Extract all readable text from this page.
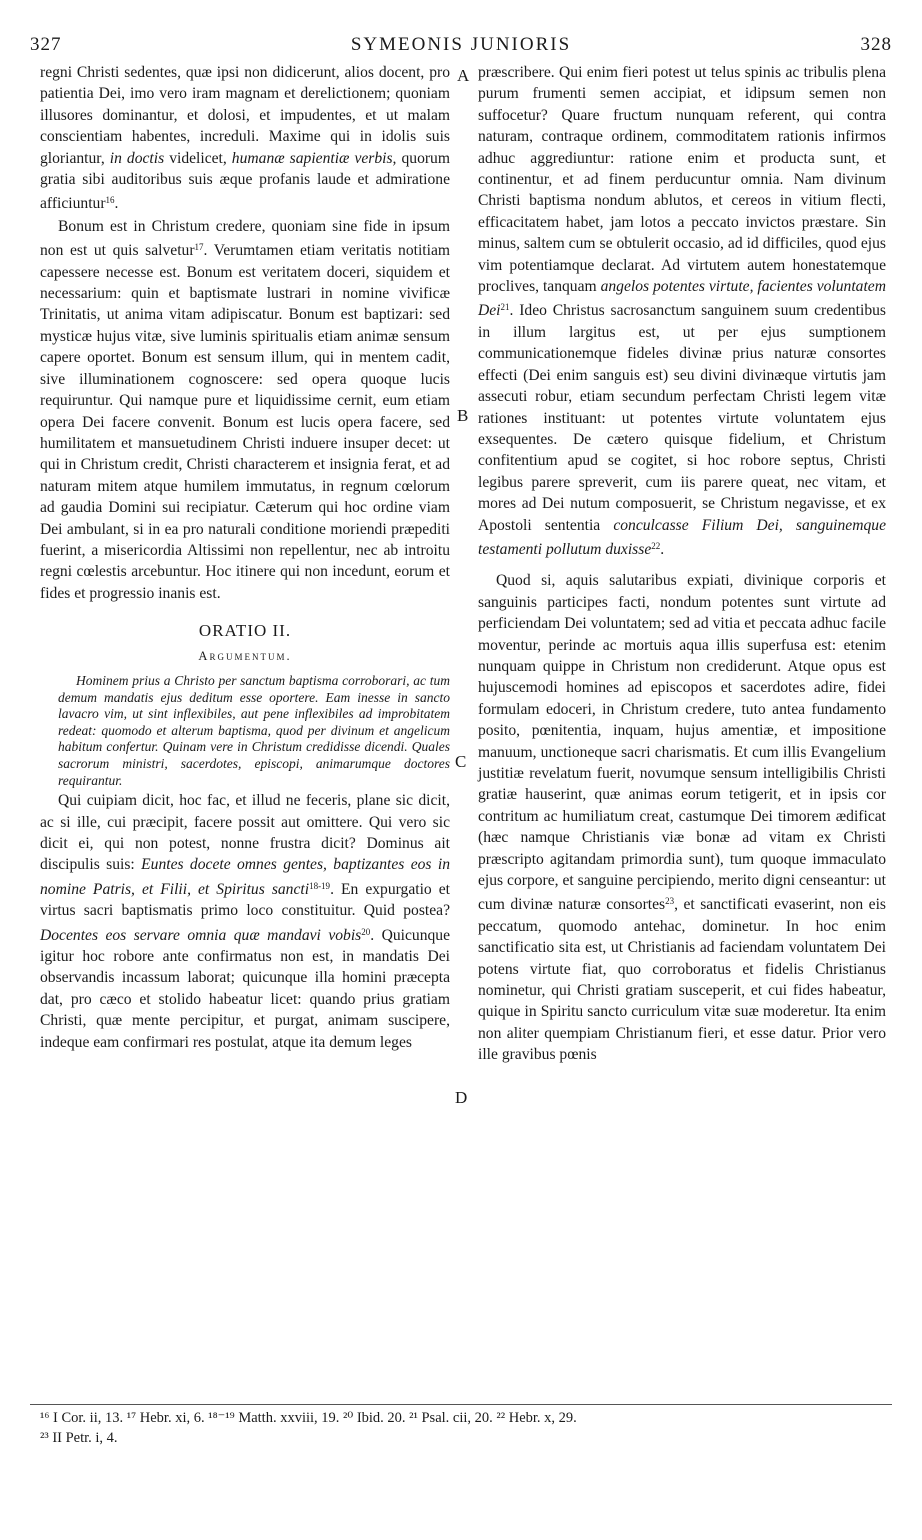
327	SYMEONIS JUNIORIS	328
A
B
C
D

regni Christi sedentes, quæ ipsi non didicerunt, alios docent, pro patientia Dei, imo vero iram magnam et derelictionem; quoniam illusores dominantur, et dolosi, et impudentes, et ut malam conscientiam habentes, increduli. Maxime qui in idolis suis gloriantur, in doctis videlicet, humanæ sapientiæ verbis, quorum gratia sibi auditoribus suis æque profanis laude et admiratione afficiuntur$^{16}$.

Bonum est in Christum credere, quoniam sine fide in ipsum non est ut quis salvetur$^{17}$. Verumtamen etiam veritatis notitiam capessere necesse est. Bonum est veritatem doceri, siquidem et necessarium: quin et baptismate lustrari in nomine vivificæ Trinitatis, ut anima vitam adipiscatur. Bonum est baptizari: sed mysticæ hujus vitæ, sive luminis spiritualis etiam animæ sensum capere oportet. Bonum est sensum illum, qui in mentem cadit, sive illuminationem cognoscere: sed opera quoque lucis requiruntur. Qui namque pure et liquidissime cernit, eum etiam opera Dei facere convenit. Bonum est lucis opera facere, sed humilitatem et mansuetudinem Christi induere insuper decet: ut qui in Christum credit, Christi characterem et insignia ferat, et ad naturam mitem atque humilem immutatus, in regnum cœlorum ad gaudia Domini sui recipiatur. Cæterum qui hoc ordine viam Dei ambulant, si in ea pro naturali conditione moriendi præpediti fuerint, a misericordia Altissimi non repellentur, nec ab introitu regni cœlestis arcebuntur. Hoc itinere qui non incedunt, eorum et fides et progressio inanis est.

ORATIO II.
Argumentum.

Hominem prius a Christo per sanctum baptisma corroborari, ac tum demum mandatis ejus deditum esse oportere. Eam inesse in sancto lavacro vim, ut sint inflexibiles, aut pene inflexibiles ad improbitatem redeat: quomodo et alterum baptisma, quod per divinum et angelicum habitum confertur. Quinam vere in Christum credidisse dicendi. Quales sacrorum ministri, sacerdotes, episcopi, animarumque doctores requirantur.

Qui cuipiam dicit, hoc fac, et illud ne feceris, plane sic dicit, ac si ille, cui præcipit, facere possit aut omittere. Qui vero sic dicit ei, qui non potest, nonne frustra dicit? Dominus ait discipulis suis: Euntes docete omnes gentes, baptizantes eos in nomine Patris, et Filii, et Spiritus sancti$^{18-19}$. En expurgatio et virtus sacri baptismatis primo loco constituitur. Quid postea? Docentes eos servare omnia quæ mandavi vobis$^{20}$. Quicunque igitur hoc robore ante confirmatus non est, in mandatis Dei observandis incassum laborat; quicunque illa homini præcepta dat, pro cæco et stolido habeatur licet: quando prius gratiam Christi, quæ mente percipitur, et purgat, animam suscipere, indeque eam confirmari res postulat, atque ita demum leges

præscribere. Qui enim fieri potest ut telus spinis ac tribulis plena purum frumenti semen accipiat, et idipsum semen non suffocetur? Quare fructum nunquam referent, qui contra naturam, contraque ordinem, commoditatem rationis infirmos adhuc aggrediuntur: ratione enim et producta sunt, et continentur, et ad finem perducuntur omnia. Nam divinum Christi baptisma nondum ablutos, et cereos in vitium flecti, efficacitatem habet, jam lotos a peccato invictos præstare. Sin minus, saltem cum se obtulerit occasio, ad id difficiles, quod ejus vim potentiamque declarat. Ad virtutem autem honestatemque proclives, tanquam angelos potentes virtute, facientes voluntatem Dei$^{21}$. Ideo Christus sacrosanctum sanguinem suum credentibus in illum largitus est, ut per ejus sumptionem communicationemque fideles divinæ prius naturæ consortes effecti (Dei enim sanguis est) seu divini divinæque virtutis jam assecuti robur, etiam secundum perfectam Christi legem vitæ rationes instituant: ut potentes virtute voluntatem ejus exsequentes. De cætero quisque fidelium, et Christum confitentium apud se cogitet, si hoc robore septus, Christi legibus parere spreverit, cum iis parere queat, nec vitam, et mores ad Dei nutum composuerit, se Christum negavisse, et ex Apostoli sententia conculcasse Filium Dei, sanguinemque testamenti pollutum duxisse$^{22}$.

Quod si, aquis salutaribus expiati, divinique corporis et sanguinis participes facti, nondum potentes sunt virtute ad perficiendam Dei voluntatem; sed ad vitia et peccata adhuc facile moventur, perinde ac mortuis aqua illis superfusa est: etenim nunquam quippe in Christum non crediderunt. Atque opus est hujuscemodi homines ad episcopos et sacerdotes adire, fidei formulam edoceri, in Christum credere, tuto antea fundamento posito, pœnitentia, inquam, hujus amentiæ, et impositione manuum, unctioneque sacri charismatis. Et cum illis Evangelium justitiæ revelatum fuerit, novumque sensum intelligibilis Christi gratiæ hauserint, quæ animas eorum tetigerit, et in ipsis cor contritum ac humiliatum creat, castumque Dei timorem ædificat (hæc namque Christianis viæ bonæ ad vitam ex Christi præscripto agitandam primordia sunt), tum quoque immaculato ejus corpore, et sanguine percipiendo, merito digni censeantur: ut cum divinæ naturæ consortes$^{23}$, et sanctificati evaserint, non eis peccatum, quomodo antehac, dominetur. In hoc enim sanctificatio sita est, ut Christianis ad faciendam voluntatem Dei potens virtute fiat, quo corroboratus et fidelis Christianus nominetur, qui Christi gratiam susceperit, et cui fides habeatur, quique in Spiritu sancto curriculum vitæ suæ moderetur. Ita enim non aliter quempiam Christianum fieri, et esse datur. Prior vero ille gravibus pœnis

¹⁶ I Cor. ii, 13. ¹⁷ Hebr. xi, 6. ¹⁸⁻¹⁹ Matth. xxviii, 19. ²⁰ Ibid. 20. ²¹ Psal. cii, 20. ²² Hebr. x, 29.
²³ II Petr. i, 4.
